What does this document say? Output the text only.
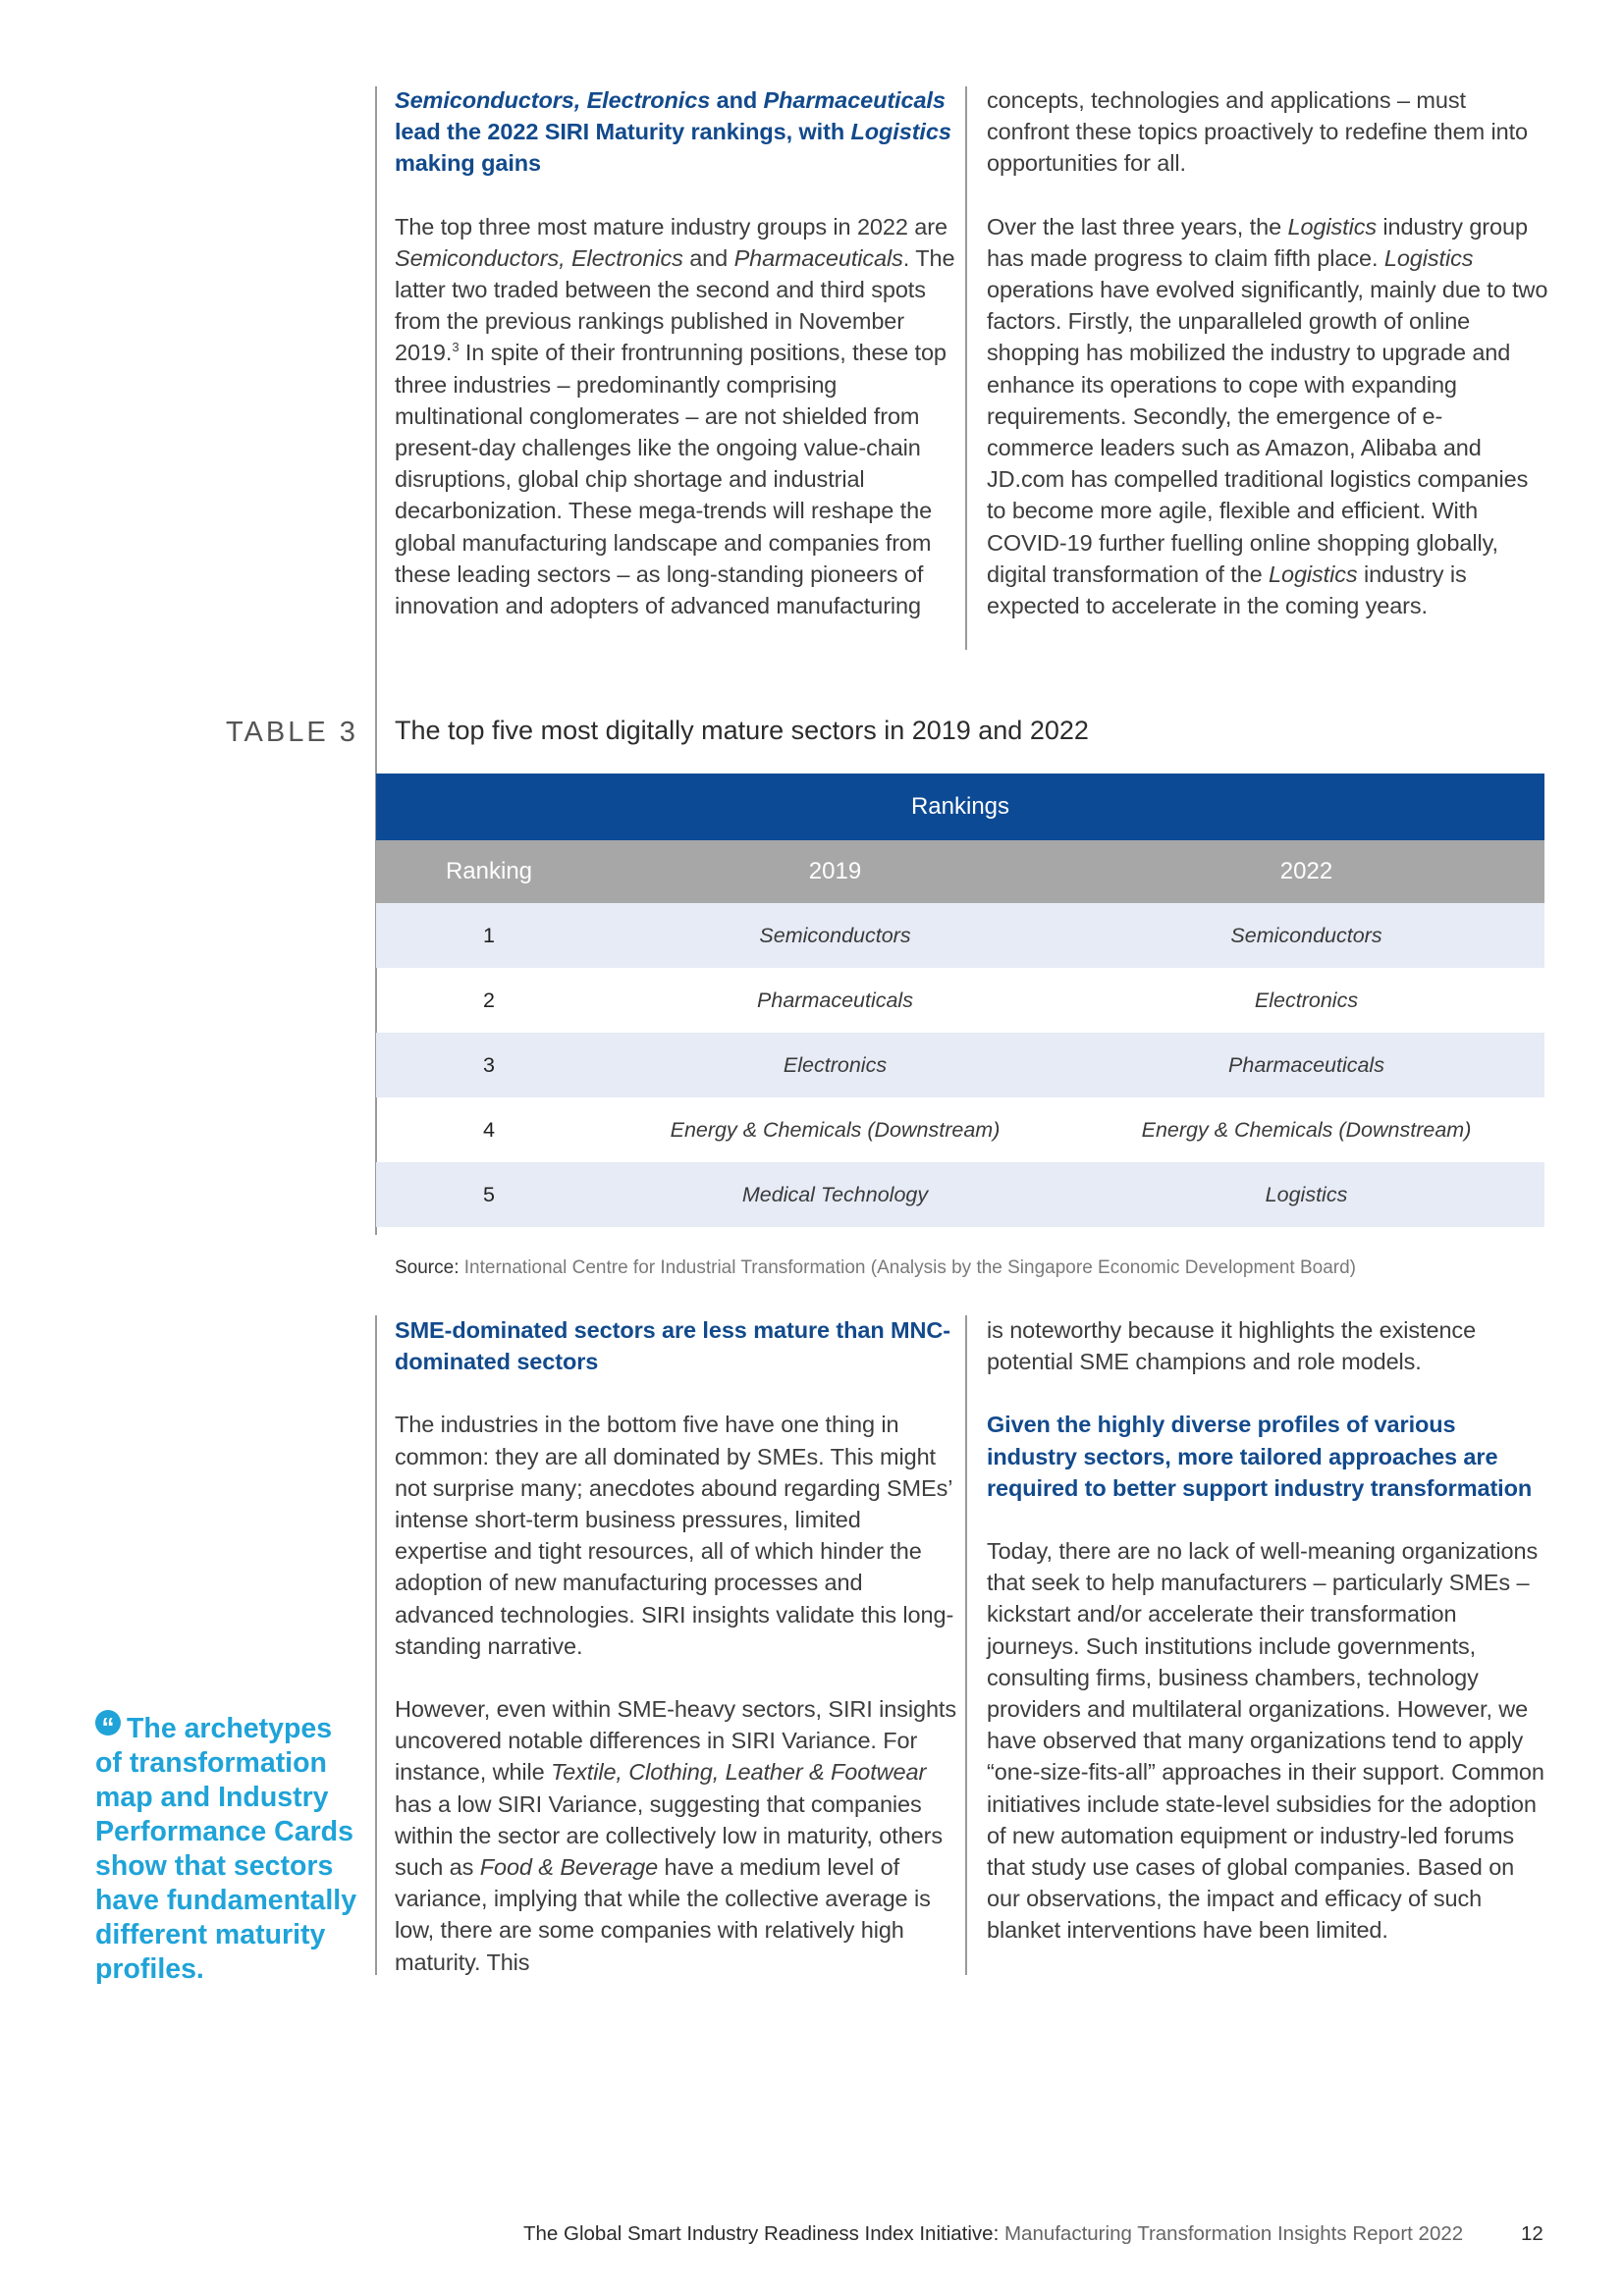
Semiconductors, Electronics and Pharmaceuticals lead the 2022 SIRI Maturity rankings, with Logistics making gains

The top three most mature industry groups in 2022 are Semiconductors, Electronics and Pharmaceuticals. The latter two traded between the second and third spots from the previous rankings published in November 2019.$^3$ In spite of their frontrunning positions, these top three industries – predominantly comprising multinational conglomerates – are not shielded from present-day challenges like the ongoing value-chain disruptions, global chip shortage and industrial decarbonization. These mega-trends will reshape the global manufacturing landscape and companies from these leading sectors – as long-standing pioneers of innovation and adopters of advanced manufacturing

concepts, technologies and applications – must confront these topics proactively to redefine them into opportunities for all.

Over the last three years, the Logistics industry group has made progress to claim fifth place. Logistics operations have evolved significantly, mainly due to two factors. Firstly, the unparalleled growth of online shopping has mobilized the industry to upgrade and enhance its operations to cope with expanding requirements. Secondly, the emergence of e-commerce leaders such as Amazon, Alibaba and JD.com has compelled traditional logistics companies to become more agile, flexible and efficient. With COVID-19 further fuelling online shopping globally, digital transformation of the Logistics industry is expected to accelerate in the coming years.

TABLE 3 The top five most digitally mature sectors in 2019 and 2022
Rankings
Ranking	2019	2022
1	Semiconductors	Semiconductors
2	Pharmaceuticals	Electronics
3	Electronics	Pharmaceuticals
4	Energy & Chemicals (Downstream)	Energy & Chemicals (Downstream)
5	Medical Technology	Logistics
Source: International Centre for Industrial Transformation (Analysis by the Singapore Economic Development Board)
SME-dominated sectors are less mature than MNC-dominated sectors

The industries in the bottom five have one thing in common: they are all dominated by SMEs. This might not surprise many; anecdotes abound regarding SMEs’ intense short-term business pressures, limited expertise and tight resources, all of which hinder the adoption of new manufacturing processes and advanced technologies. SIRI insights validate this long-standing narrative.

However, even within SME-heavy sectors, SIRI insights uncovered notable differences in SIRI Variance. For instance, while Textile, Clothing, Leather & Footwear has a low SIRI Variance, suggesting that companies within the sector are collectively low in maturity, others such as Food & Beverage have a medium level of variance, implying that while the collective average is low, there are some companies with relatively high maturity. This

is noteworthy because it highlights the existence potential SME champions and role models.

Given the highly diverse profiles of various industry sectors, more tailored approaches are required to better support industry transformation

Today, there are no lack of well-meaning organizations that seek to help manufacturers – particularly SMEs – kickstart and/or accelerate their transformation journeys. Such institutions include governments, consulting firms, business chambers, technology providers and multilateral organizations. However, we have observed that many organizations tend to apply “one-size-fits-all” approaches in their support. Common initiatives include state-level subsidies for the adoption of new automation equipment or industry-led forums that study use cases of global companies. Based on our observations, the impact and efficacy of such blanket interventions have been limited.

“ The archetypes of transformation map and Industry Performance Cards show that sectors have fundamentally different maturity profiles.
The Global Smart Industry Readiness Index Initiative: Manufacturing Transformation Insights Report 2022	12
